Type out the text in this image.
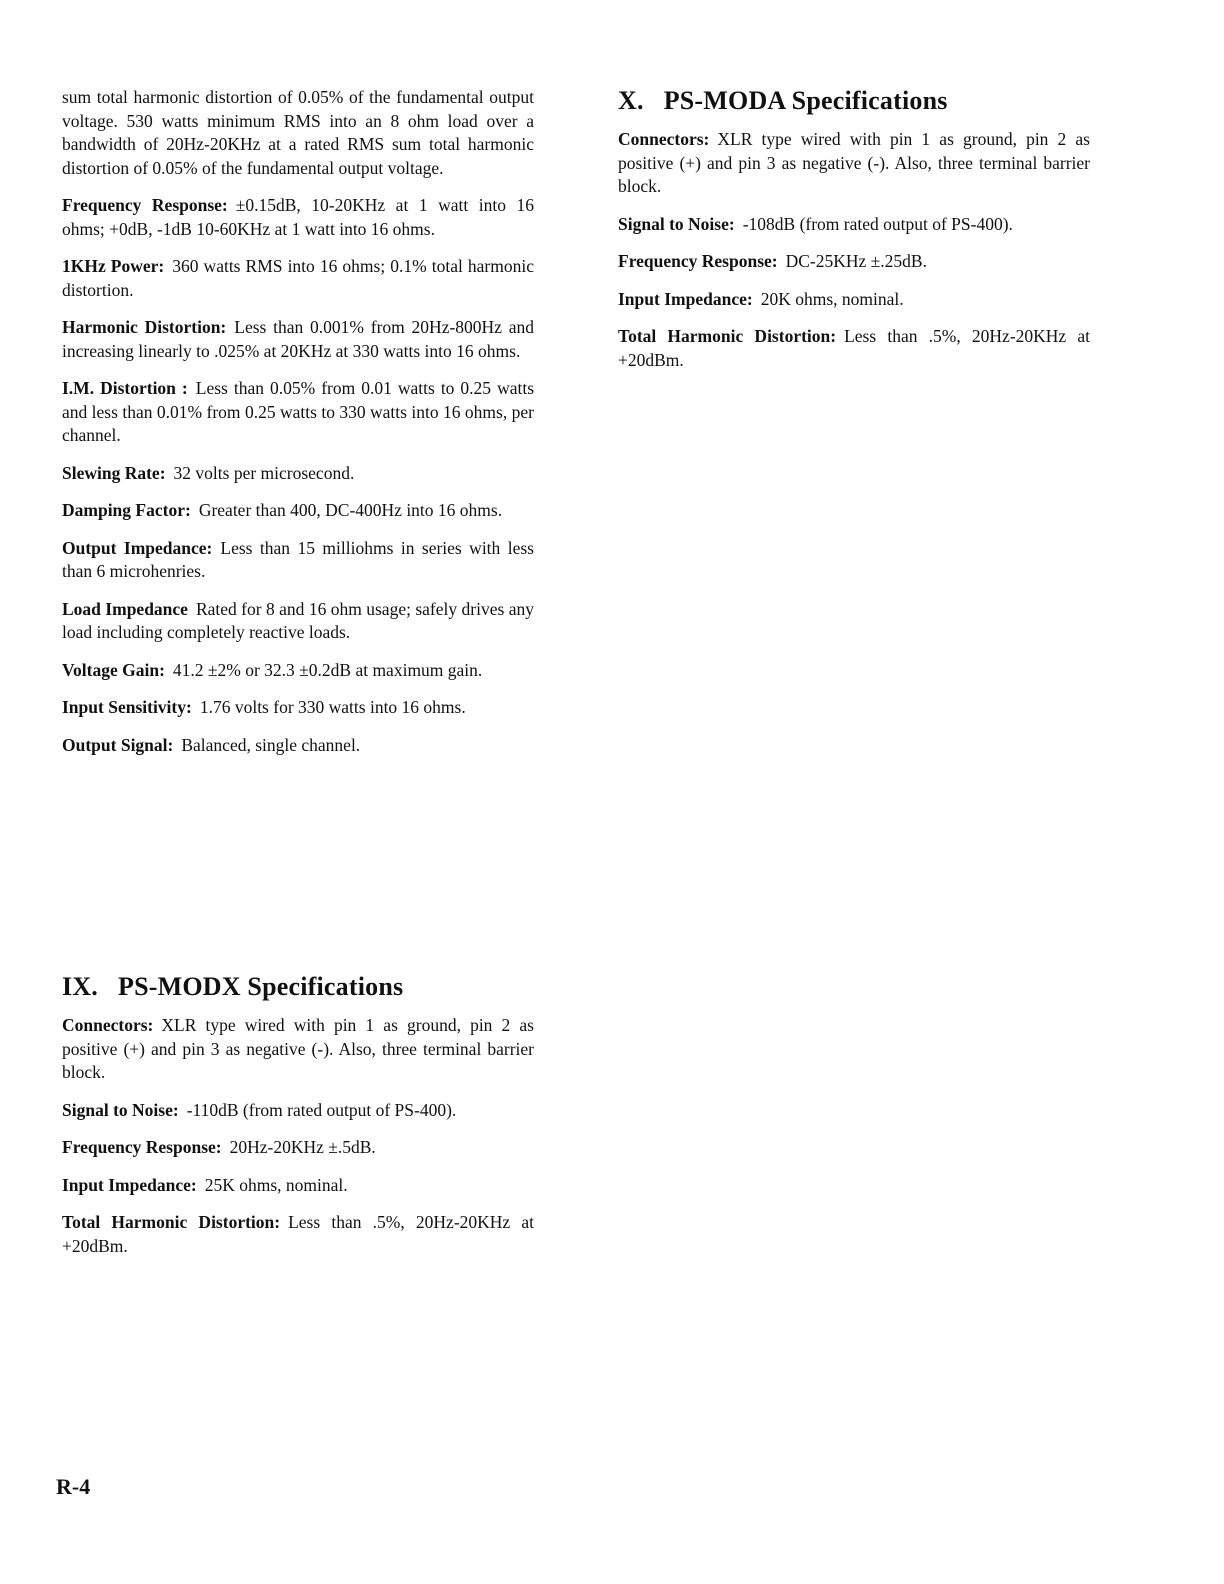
sum total harmonic distortion of 0.05% of the fundamental output voltage. 530 watts minimum RMS into an 8 ohm load over a bandwidth of 20Hz-20KHz at a rated RMS sum total harmonic distortion of 0.05% of the fundamental output voltage.

Frequency Response: ±0.15dB, 10-20KHz at 1 watt into 16 ohms; +0dB, -1dB 10-60KHz at 1 watt into 16 ohms.

1KHz Power: 360 watts RMS into 16 ohms; 0.1% total harmonic distortion.

Harmonic Distortion: Less than 0.001% from 20Hz-800Hz and increasing linearly to .025% at 20KHz at 330 watts into 16 ohms.

I.M. Distortion : Less than 0.05% from 0.01 watts to 0.25 watts and less than 0.01% from 0.25 watts to 330 watts into 16 ohms, per channel.

Slewing Rate: 32 volts per microsecond.

Damping Factor: Greater than 400, DC-400Hz into 16 ohms.

Output Impedance: Less than 15 milliohms in series with less than 6 microhenries.

Load Impedance Rated for 8 and 16 ohm usage; safely drives any load including completely reactive loads.

Voltage Gain: 41.2 ±2% or 32.3 ±0.2dB at maximum gain.

Input Sensitivity: 1.76 volts for 330 watts into 16 ohms.

Output Signal: Balanced, single channel.

IX. PS-MODX Specifications

Connectors: XLR type wired with pin 1 as ground, pin 2 as positive (+) and pin 3 as negative (-). Also, three terminal barrier block.

Signal to Noise: -110dB (from rated output of PS-400).

Frequency Response: 20Hz-20KHz ±.5dB.

Input Impedance: 25K ohms, nominal.

Total Harmonic Distortion: Less than .5%, 20Hz-20KHz at +20dBm.

X. PS-MODA Specifications

Connectors: XLR type wired with pin 1 as ground, pin 2 as positive (+) and pin 3 as negative (-). Also, three terminal barrier block.

Signal to Noise: -108dB (from rated output of PS-400).

Frequency Response: DC-25KHz ±.25dB.

Input Impedance: 20K ohms, nominal.

Total Harmonic Distortion: Less than .5%, 20Hz-20KHz at +20dBm.

R-4
